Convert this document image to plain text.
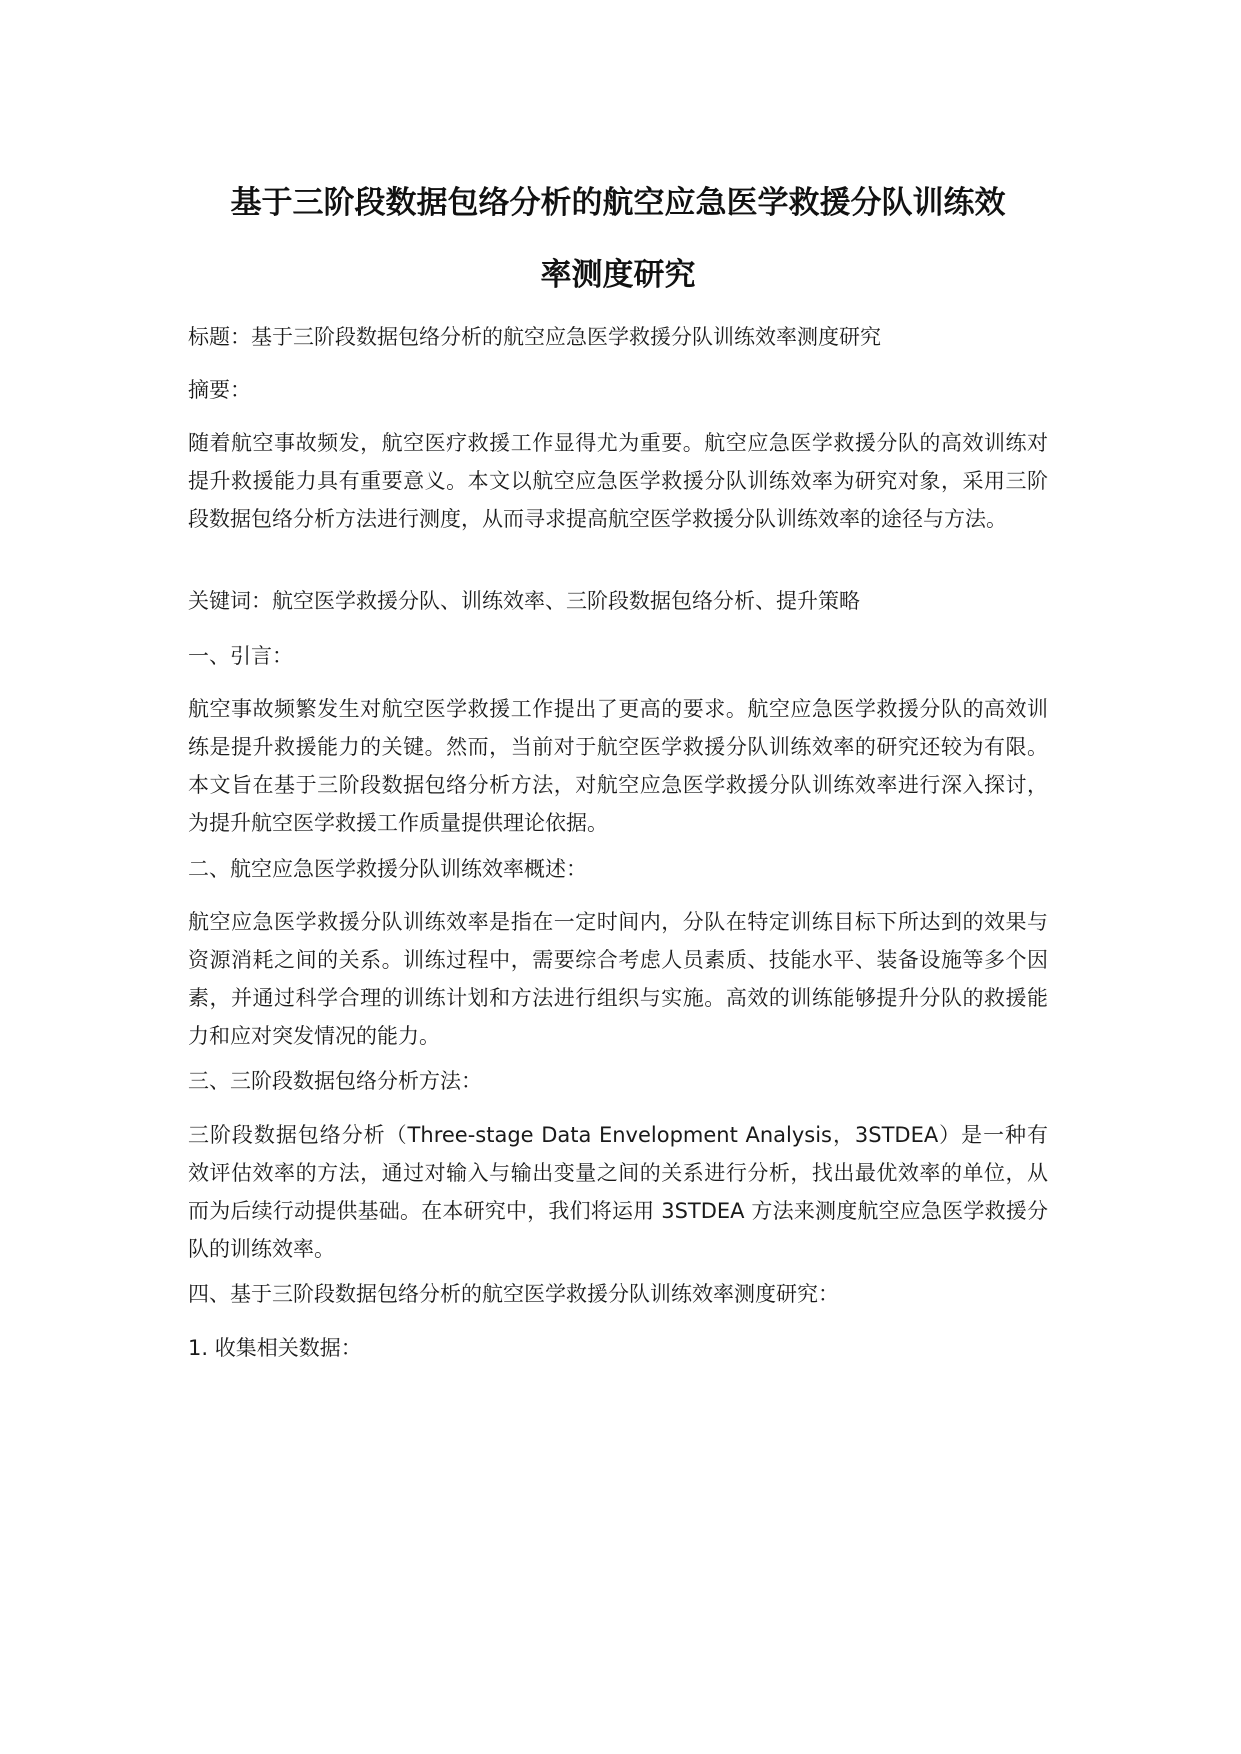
基于三阶段数据包络分析的航空应急医学救援分队训练效
率测度研究

标题：基于三阶段数据包络分析的航空应急医学救援分队训练效率测度研究

摘要：

随着航空事故频发，航空医疗救援工作显得尤为重要。航空应急医学救援分队的高效训练对提升救援能力具有重要意义。本文以航空应急医学救援分队训练效率为研究对象，采用三阶段数据包络分析方法进行测度，从而寻求提高航空医学救援分队训练效率的途径与方法。

关键词：航空医学救援分队、训练效率、三阶段数据包络分析、提升策略

一、引言：

航空事故频繁发生对航空医学救援工作提出了更高的要求。航空应急医学救援分队的高效训练是提升救援能力的关键。然而，当前对于航空医学救援分队训练效率的研究还较为有限。本文旨在基于三阶段数据包络分析方法，对航空应急医学救援分队训练效率进行深入探讨，为提升航空医学救援工作质量提供理论依据。

二、航空应急医学救援分队训练效率概述：

航空应急医学救援分队训练效率是指在一定时间内，分队在特定训练目标下所达到的效果与资源消耗之间的关系。训练过程中，需要综合考虑人员素质、技能水平、装备设施等多个因素，并通过科学合理的训练计划和方法进行组织与实施。高效的训练能够提升分队的救援能力和应对突发情况的能力。

三、三阶段数据包络分析方法：

三阶段数据包络分析（Three-stage Data Envelopment Analysis，3STDEA）是一种有效评估效率的方法，通过对输入与输出变量之间的关系进行分析，找出最优效率的单位，从而为后续行动提供基础。在本研究中，我们将运用 3STDEA 方法来测度航空应急医学救援分队的训练效率。

四、基于三阶段数据包络分析的航空医学救援分队训练效率测度研究：

1. 收集相关数据：
